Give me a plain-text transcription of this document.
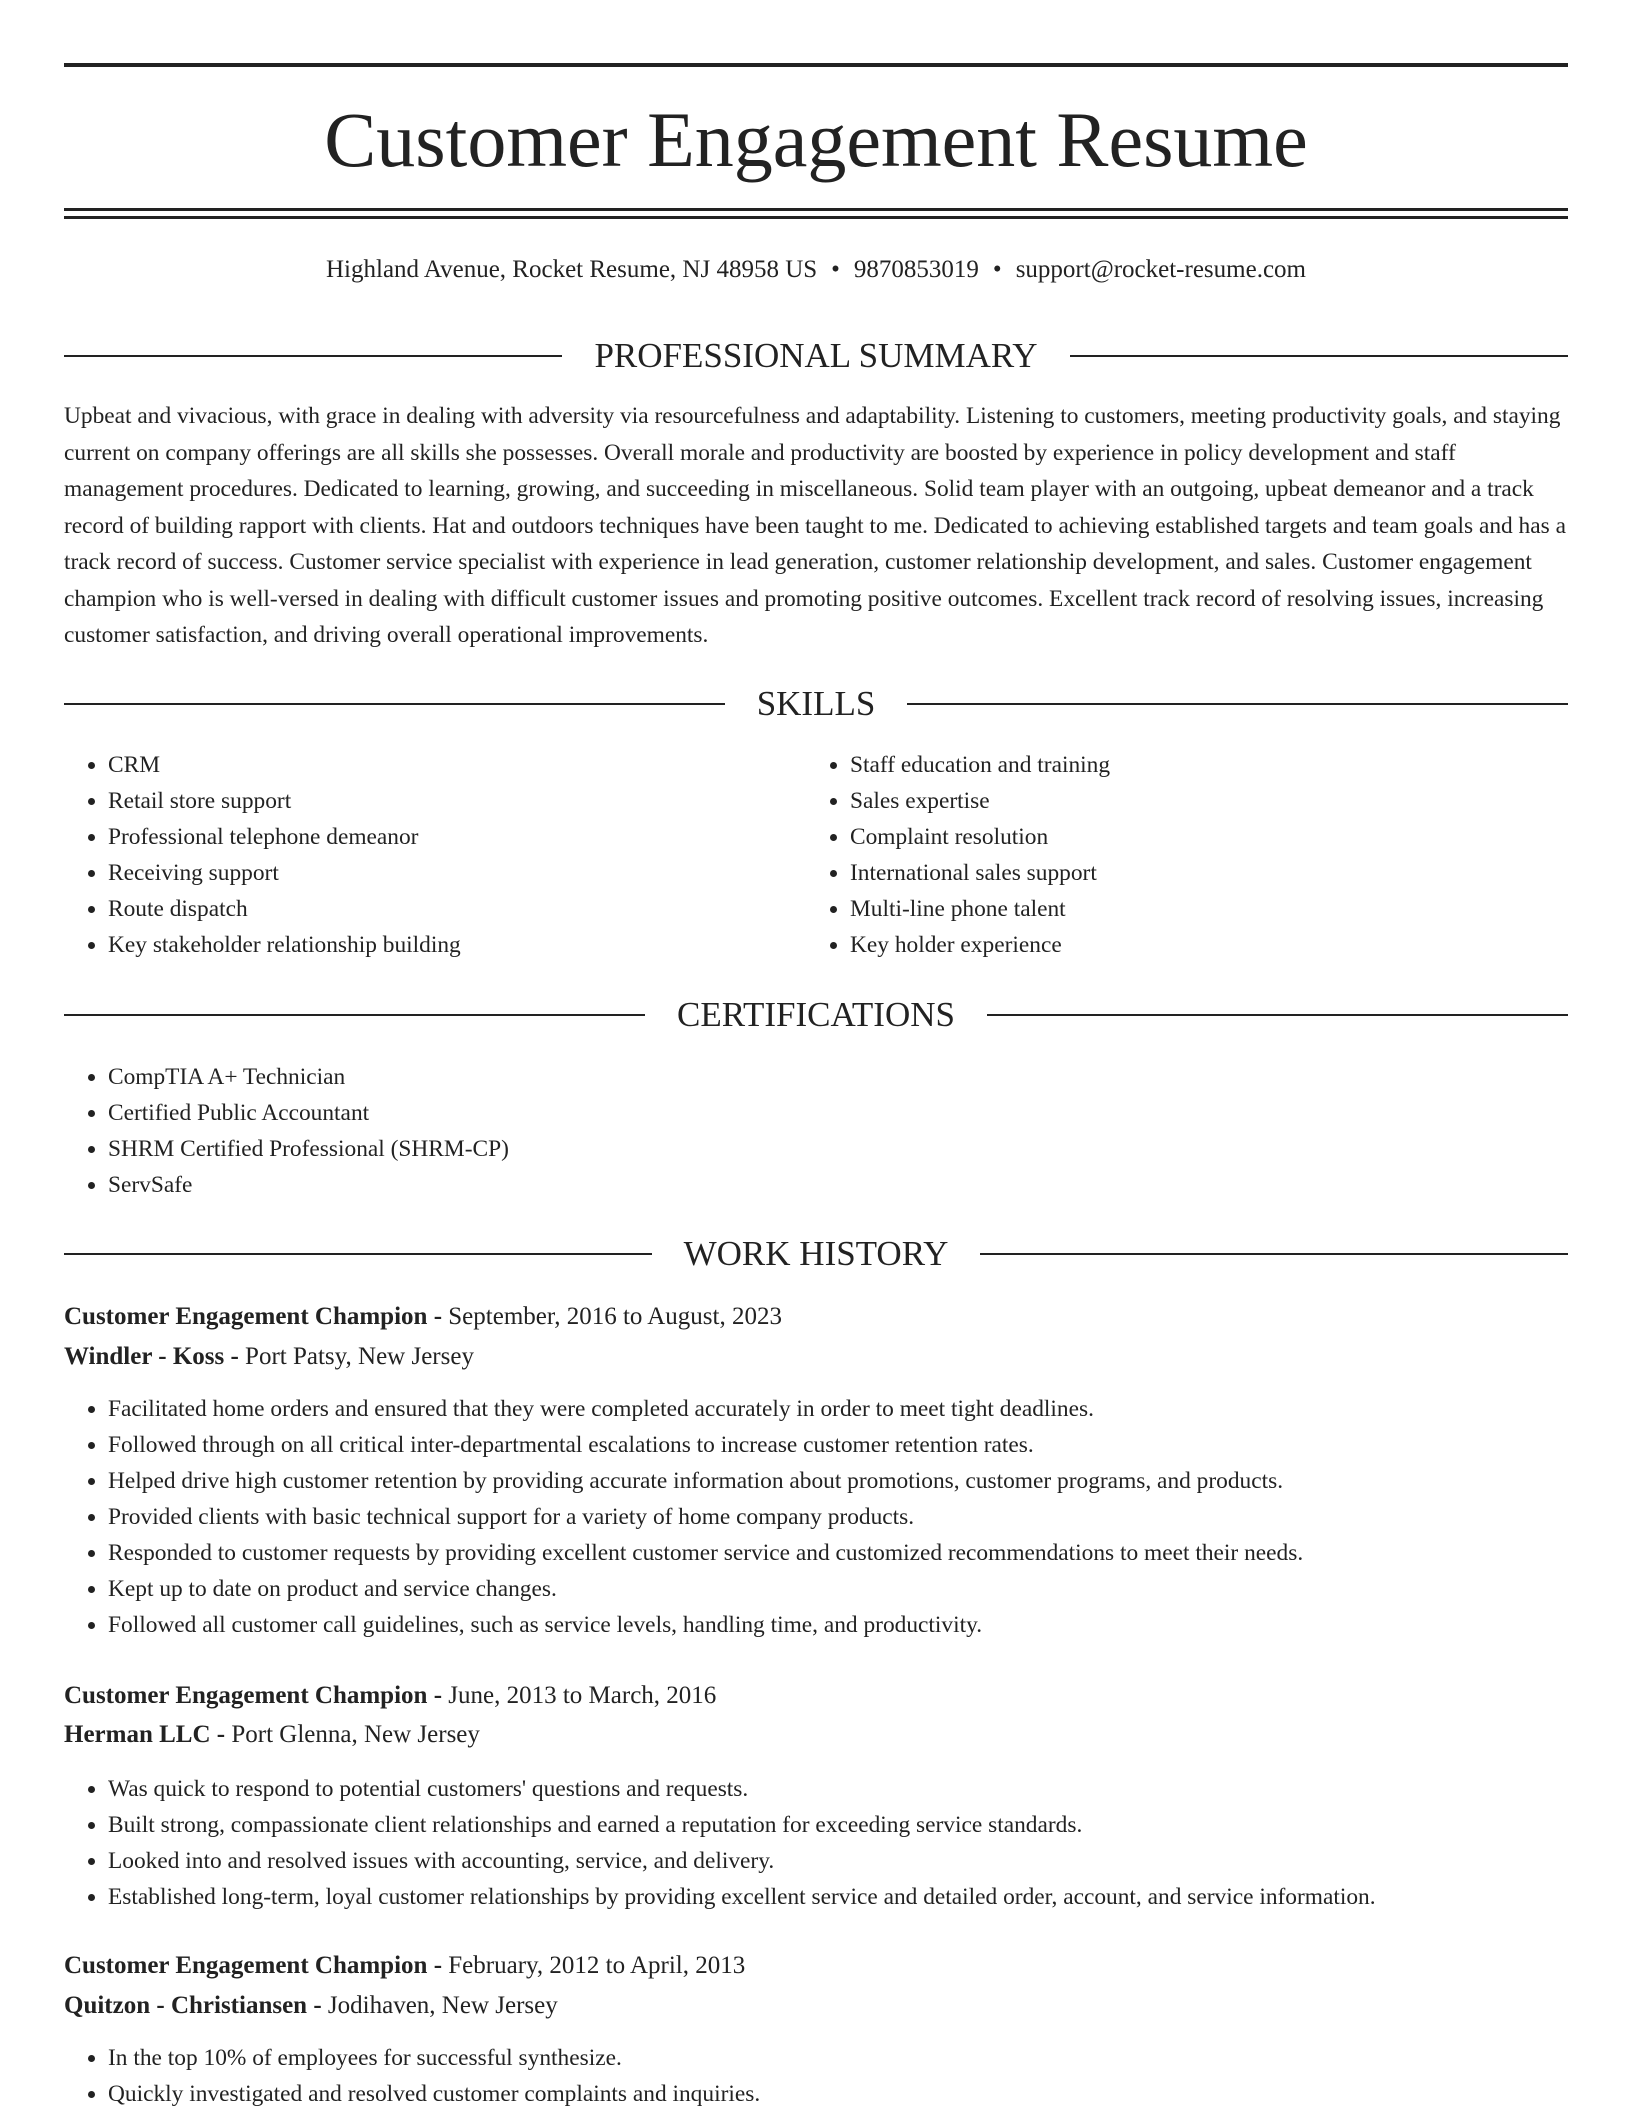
Customer Engagement Resume
Highland Avenue, Rocket Resume, NJ 48958 US • 9870853019 • support@rocket-resume.com
PROFESSIONAL SUMMARY

Upbeat and vivacious, with grace in dealing with adversity via resourcefulness and adaptability. Listening to customers, meeting productivity goals, and staying current on company offerings are all skills she possesses. Overall morale and productivity are boosted by experience in policy development and staff management procedures. Dedicated to learning, growing, and succeeding in miscellaneous. Solid team player with an outgoing, upbeat demeanor and a track record of building rapport with clients. Hat and outdoors techniques have been taught to me. Dedicated to achieving established targets and team goals and has a track record of success. Customer service specialist with experience in lead generation, customer relationship development, and sales. Customer engagement champion who is well-versed in dealing with difficult customer issues and promoting positive outcomes. Excellent track record of resolving issues, increasing customer satisfaction, and driving overall operational improvements.

SKILLS
• CRM
• Retail store support
• Professional telephone demeanor
• Receiving support
• Route dispatch
• Key stakeholder relationship building
• Staff education and training
• Sales expertise
• Complaint resolution
• International sales support
• Multi-line phone talent
• Key holder experience
CERTIFICATIONS
• CompTIA A+ Technician
• Certified Public Accountant
• SHRM Certified Professional (SHRM-CP)
• ServSafe
WORK HISTORY
Customer Engagement Champion - September, 2016 to August, 2023
Windler - Koss - Port Patsy, New Jersey
• Facilitated home orders and ensured that they were completed accurately in order to meet tight deadlines.
• Followed through on all critical inter-departmental escalations to increase customer retention rates.
• Helped drive high customer retention by providing accurate information about promotions, customer programs, and products.
• Provided clients with basic technical support for a variety of home company products.
• Responded to customer requests by providing excellent customer service and customized recommendations to meet their needs.
• Kept up to date on product and service changes.
• Followed all customer call guidelines, such as service levels, handling time, and productivity.
Customer Engagement Champion - June, 2013 to March, 2016
Herman LLC - Port Glenna, New Jersey
• Was quick to respond to potential customers' questions and requests.
• Built strong, compassionate client relationships and earned a reputation for exceeding service standards.
• Looked into and resolved issues with accounting, service, and delivery.
• Established long-term, loyal customer relationships by providing excellent service and detailed order, account, and service information.
Customer Engagement Champion - February, 2012 to April, 2013
Quitzon - Christiansen - Jodihaven, New Jersey
• In the top 10% of employees for successful synthesize.
• Quickly investigated and resolved customer complaints and inquiries.
